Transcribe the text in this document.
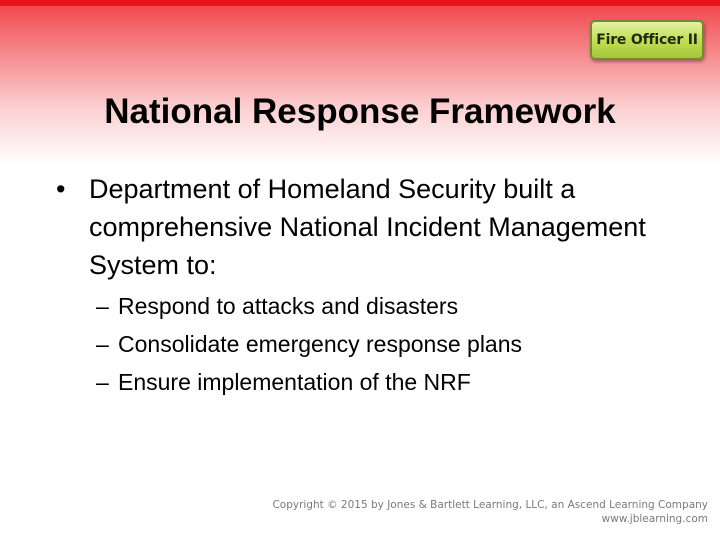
Fire Officer II
National Response Framework
• Department of Homeland Security built a comprehensive National Incident Management System to:
– Respond to attacks and disasters
– Consolidate emergency response plans
– Ensure implementation of the NRF
Copyright © 2015 by Jones & Bartlett Learning, LLC, an Ascend Learning Company
www.jblearning.com
